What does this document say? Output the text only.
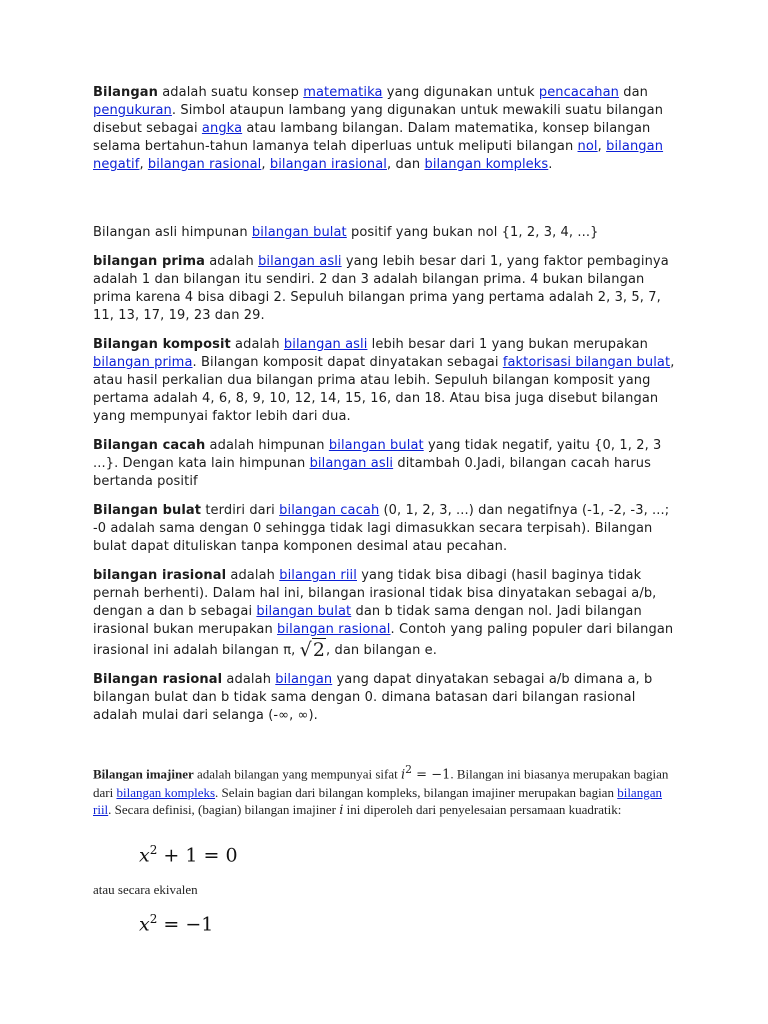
Bilangan adalah suatu konsep matematika yang digunakan untuk pencacahan dan pengukuran. Simbol ataupun lambang yang digunakan untuk mewakili suatu bilangan disebut sebagai angka atau lambang bilangan. Dalam matematika, konsep bilangan selama bertahun-tahun lamanya telah diperluas untuk meliputi bilangan nol, bilangan negatif, bilangan rasional, bilangan irasional, dan bilangan kompleks.

Bilangan asli himpunan bilangan bulat positif yang bukan nol {1, 2, 3, 4, ...}

bilangan prima adalah bilangan asli yang lebih besar dari 1, yang faktor pembaginya adalah 1 dan bilangan itu sendiri. 2 dan 3 adalah bilangan prima. 4 bukan bilangan prima karena 4 bisa dibagi 2. Sepuluh bilangan prima yang pertama adalah 2, 3, 5, 7, 11, 13, 17, 19, 23 dan 29.

Bilangan komposit adalah bilangan asli lebih besar dari 1 yang bukan merupakan bilangan prima. Bilangan komposit dapat dinyatakan sebagai faktorisasi bilangan bulat, atau hasil perkalian dua bilangan prima atau lebih. Sepuluh bilangan komposit yang pertama adalah 4, 6, 8, 9, 10, 12, 14, 15, 16, dan 18. Atau bisa juga disebut bilangan yang mempunyai faktor lebih dari dua.

Bilangan cacah adalah himpunan bilangan bulat yang tidak negatif, yaitu {0, 1, 2, 3 ...}. Dengan kata lain himpunan bilangan asli ditambah 0.Jadi, bilangan cacah harus bertanda positif

Bilangan bulat terdiri dari bilangan cacah (0, 1, 2, 3, ...) dan negatifnya (-1, -2, -3, ...; -0 adalah sama dengan 0 sehingga tidak lagi dimasukkan secara terpisah). Bilangan bulat dapat dituliskan tanpa komponen desimal atau pecahan.

bilangan irasional adalah bilangan riil yang tidak bisa dibagi (hasil baginya tidak pernah berhenti). Dalam hal ini, bilangan irasional tidak bisa dinyatakan sebagai a/b, dengan a dan b sebagai bilangan bulat dan b tidak sama dengan nol. Jadi bilangan irasional bukan merupakan bilangan rasional. Contoh yang paling populer dari bilangan irasional ini adalah bilangan π, √2, dan bilangan e.

Bilangan rasional adalah bilangan yang dapat dinyatakan sebagai a/b dimana a, b bilangan bulat dan b tidak sama dengan 0. dimana batasan dari bilangan rasional adalah mulai dari selanga (-∞, ∞).

Bilangan imajiner adalah bilangan yang mempunyai sifat $i^2 = -1$. Bilangan ini biasanya merupakan bagian dari bilangan kompleks. Selain bagian dari bilangan kompleks, bilangan imajiner merupakan bagian bilangan riil. Secara definisi, (bagian) bilangan imajiner i ini diperoleh dari penyelesaian persamaan kuadratik:
$x^2 + 1 = 0$
atau secara ekivalen
$x^2 = -1$
